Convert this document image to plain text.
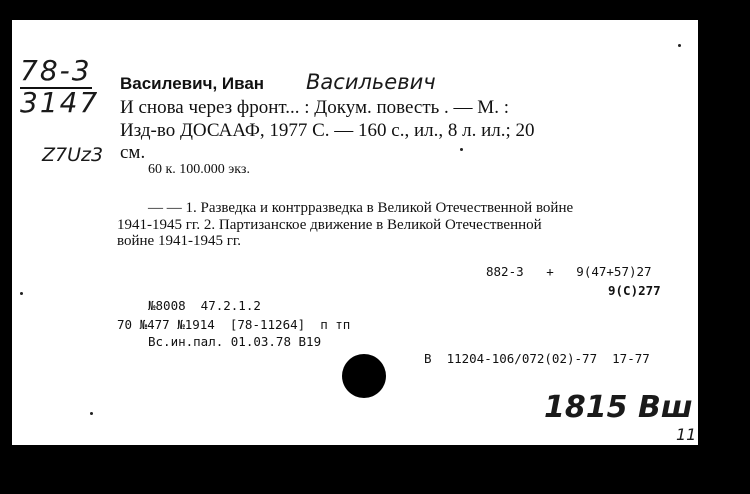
78-3
3147
Z7Uz3
Василевич, Иван Васильевич
И снова через фронт... : Докум. повесть . — М. :
Изд-во ДОСААФ, 1977 С. — 160 с., ил., 8 л. ил.; 20
см.
60 к. 100.000 экз.
— — 1. Разведка и контрразведка в Великой Отечественной войне
1941-1945 гг. 2. Партизанское движение в Великой Отечественной
войне 1941-1945 гг.
882-3   +   9(47+57)27
9(С)277
№8008  47.2.1.2
70 №477 №1914  [78-11264]  п тп
Вс.ин.пал. 01.03.78 В19
В  11204-106/072(02)-77  17-77
1815 Вш
11
